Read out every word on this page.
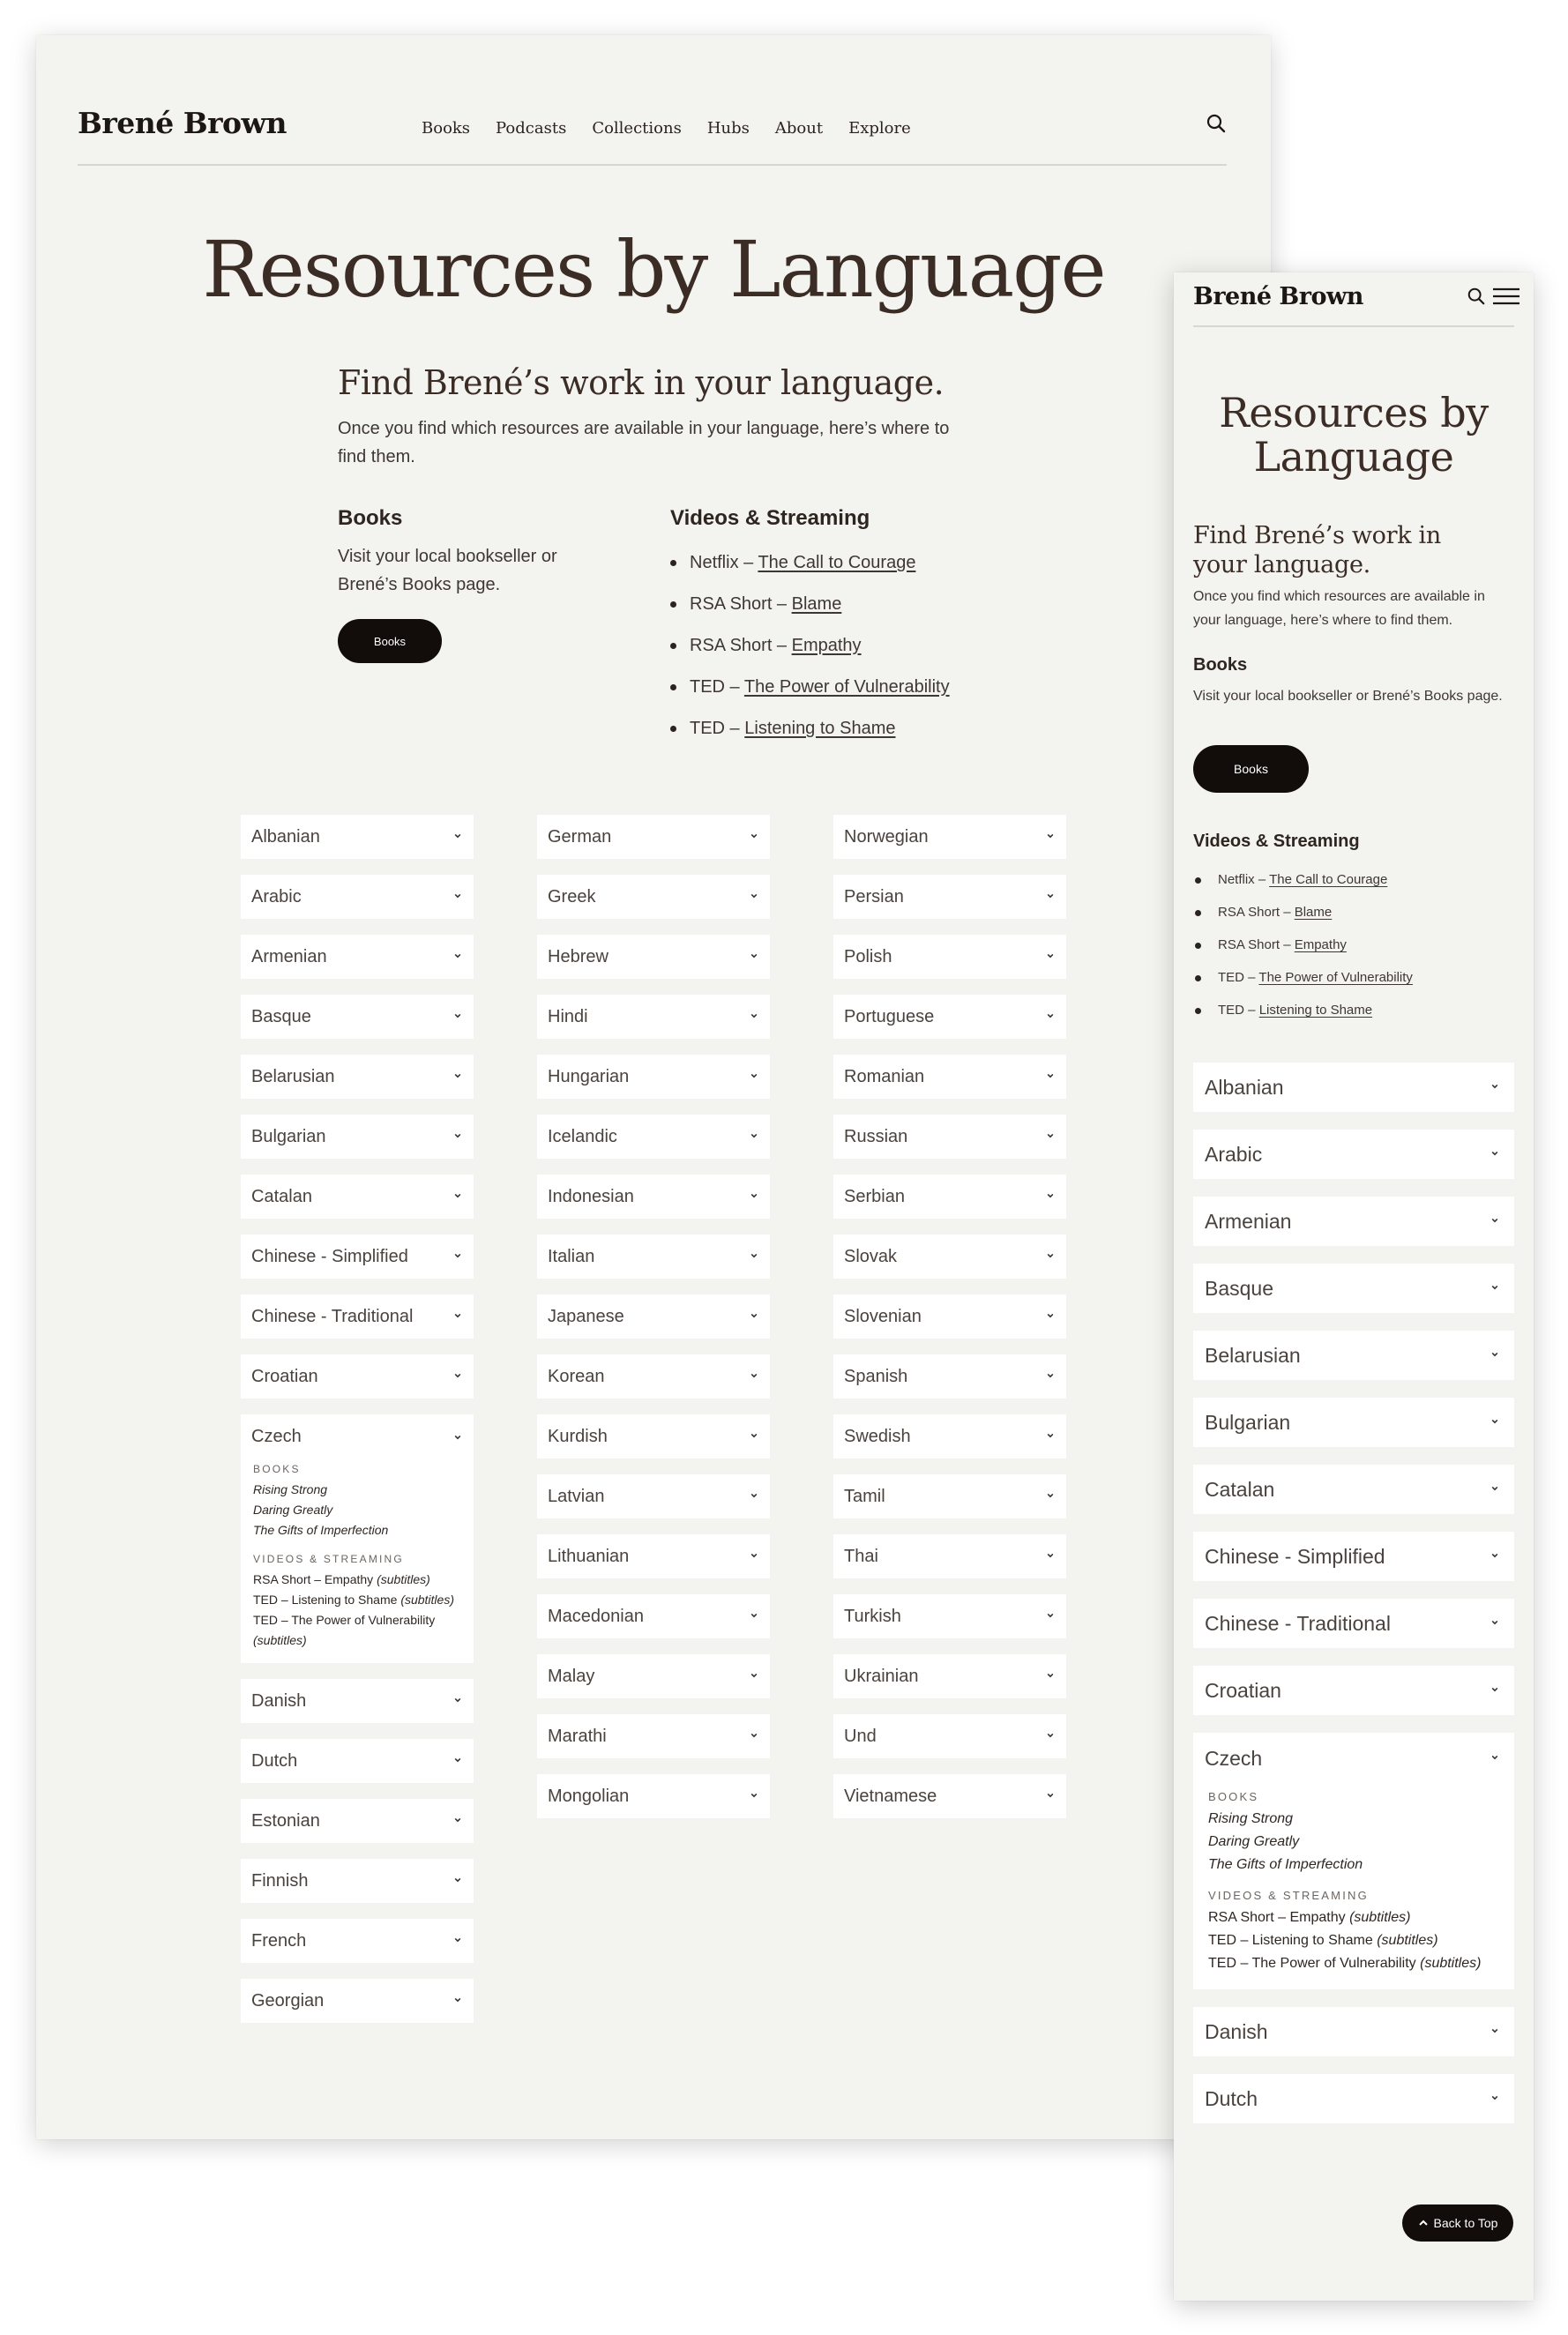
Brené Brown	Books Podcasts Collections Hubs About Explore
Resources by Language
Find Brené’s work in your language.

Once you find which resources are available in your language, here’s where to find them.

Books

Visit your local bookseller or Brené’s Books page.

Books
Videos & Streaming
Netflix – The Call to Courage
RSA Short – Blame
RSA Short – Empathy
TED – The Power of Vulnerability
TED – Listening to Shame
Albanian
Arabic
Armenian
Basque
Belarusian
Bulgarian
Catalan
Chinese - Simplified
Chinese - Traditional
Croatian
Czech
BOOKS
Rising Strong
Daring Greatly
The Gifts of Imperfection
VIDEOS & STREAMING
RSA Short – Empathy (subtitles)
TED – Listening to Shame (subtitles)
TED – The Power of Vulnerability (subtitles)
Danish
Dutch
Estonian
Finnish
French
Georgian
German
Greek
Hebrew
Hindi
Hungarian
Icelandic
Indonesian
Italian
Japanese
Korean
Kurdish
Latvian
Lithuanian
Macedonian
Malay
Marathi
Mongolian
Norwegian
Persian
Polish
Portuguese
Romanian
Russian
Serbian
Slovak
Slovenian
Spanish
Swedish
Tamil
Thai
Turkish
Ukrainian
Und
Vietnamese
Brené Brown
Resources by
Language
Find Brené’s work in your language.

Once you find which resources are available in your language, here’s where to find them.

Books

Visit your local bookseller or Brené’s Books page.

Books
Videos & Streaming
Netflix – The Call to Courage
RSA Short – Blame
RSA Short – Empathy
TED – The Power of Vulnerability
TED – Listening to Shame
Albanian
Arabic
Armenian
Basque
Belarusian
Bulgarian
Catalan
Chinese - Simplified
Chinese - Traditional
Croatian
Czech
BOOKS
Rising Strong
Daring Greatly
The Gifts of Imperfection
VIDEOS & STREAMING
RSA Short – Empathy (subtitles)
TED – Listening to Shame (subtitles)
TED – The Power of Vulnerability (subtitles)
Danish
Dutch
Back to Top
